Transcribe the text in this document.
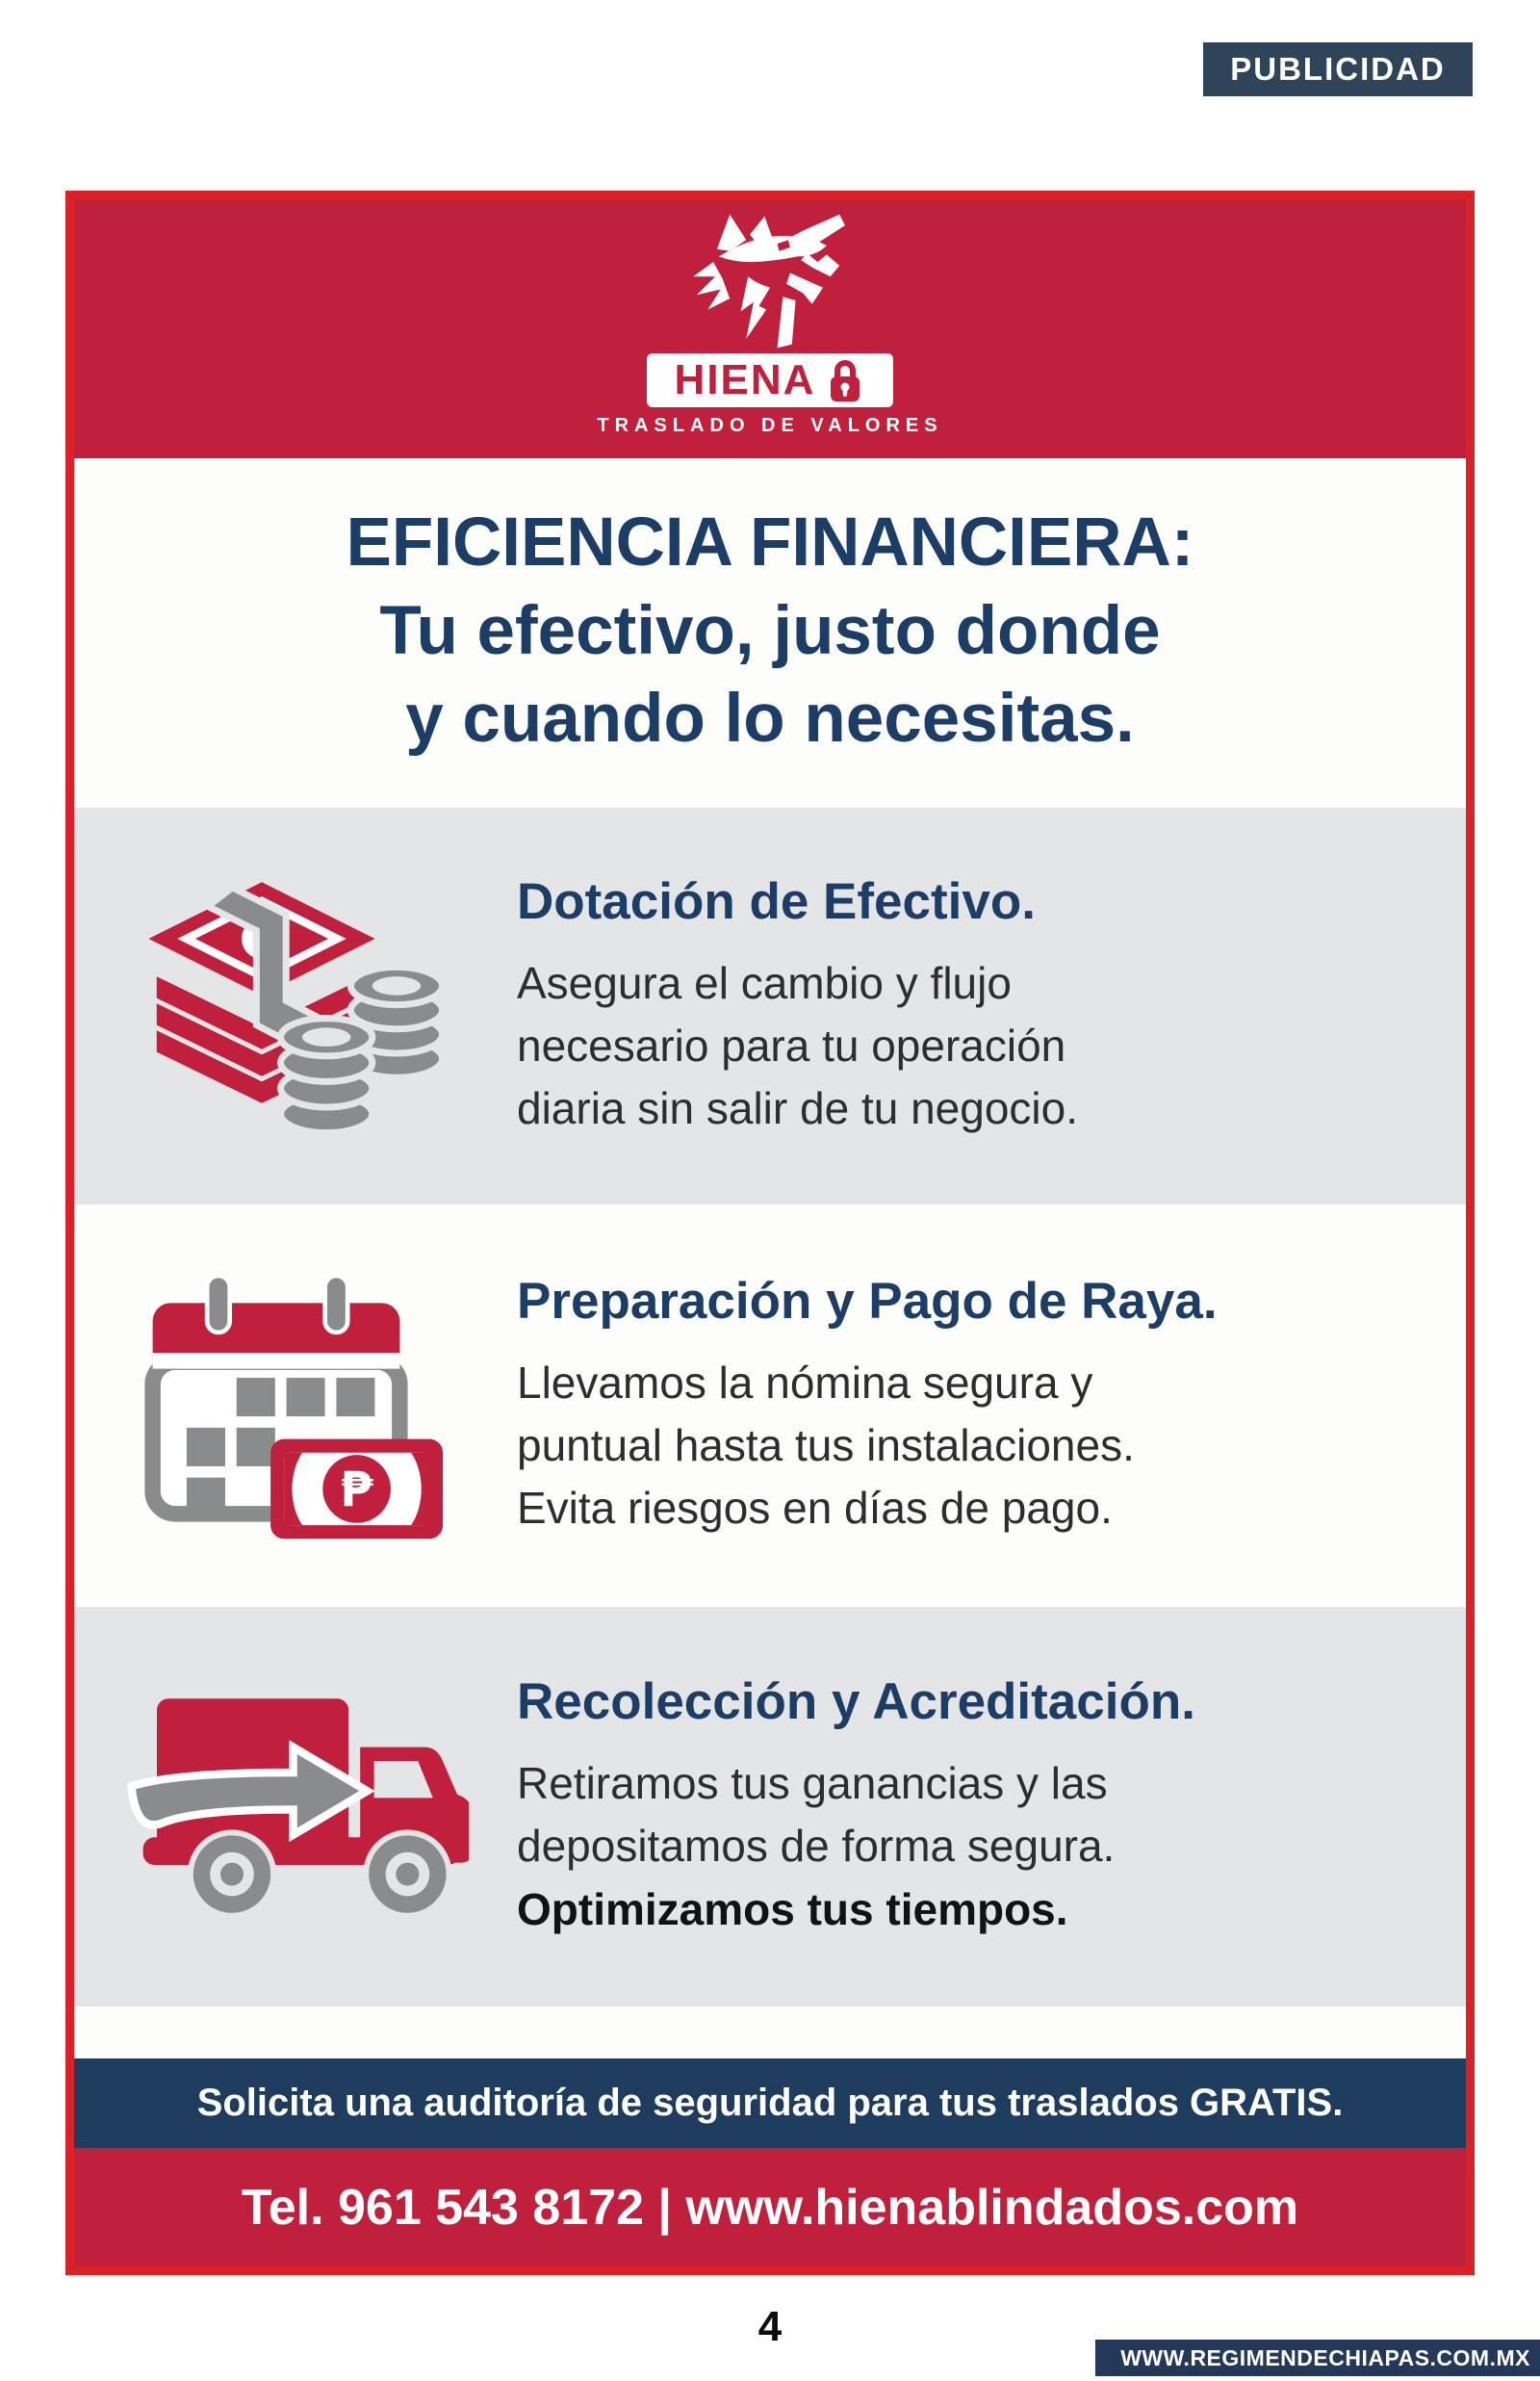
PUBLICIDAD
HIENA
TRASLADO DE VALORES
EFICIENCIA FINANCIERA:
Tu efectivo, justo donde
y cuando lo necesitas.
Dotación de Efectivo.
Asegura el cambio y flujo
necesario para tu operación
diaria sin salir de tu negocio.
₱
Preparación y Pago de Raya.
Llevamos la nómina segura y
puntual hasta tus instalaciones.
Evita riesgos en días de pago.
Recolección y Acreditación.
Retiramos tus ganancias y las
depositamos de forma segura.
Optimizamos tus tiempos.
Solicita una auditoría de seguridad para tus traslados GRATIS.
Tel. 961 543 8172 | www.hienablindados.com
4
WWW.REGIMENDECHIAPAS.COM.MX
